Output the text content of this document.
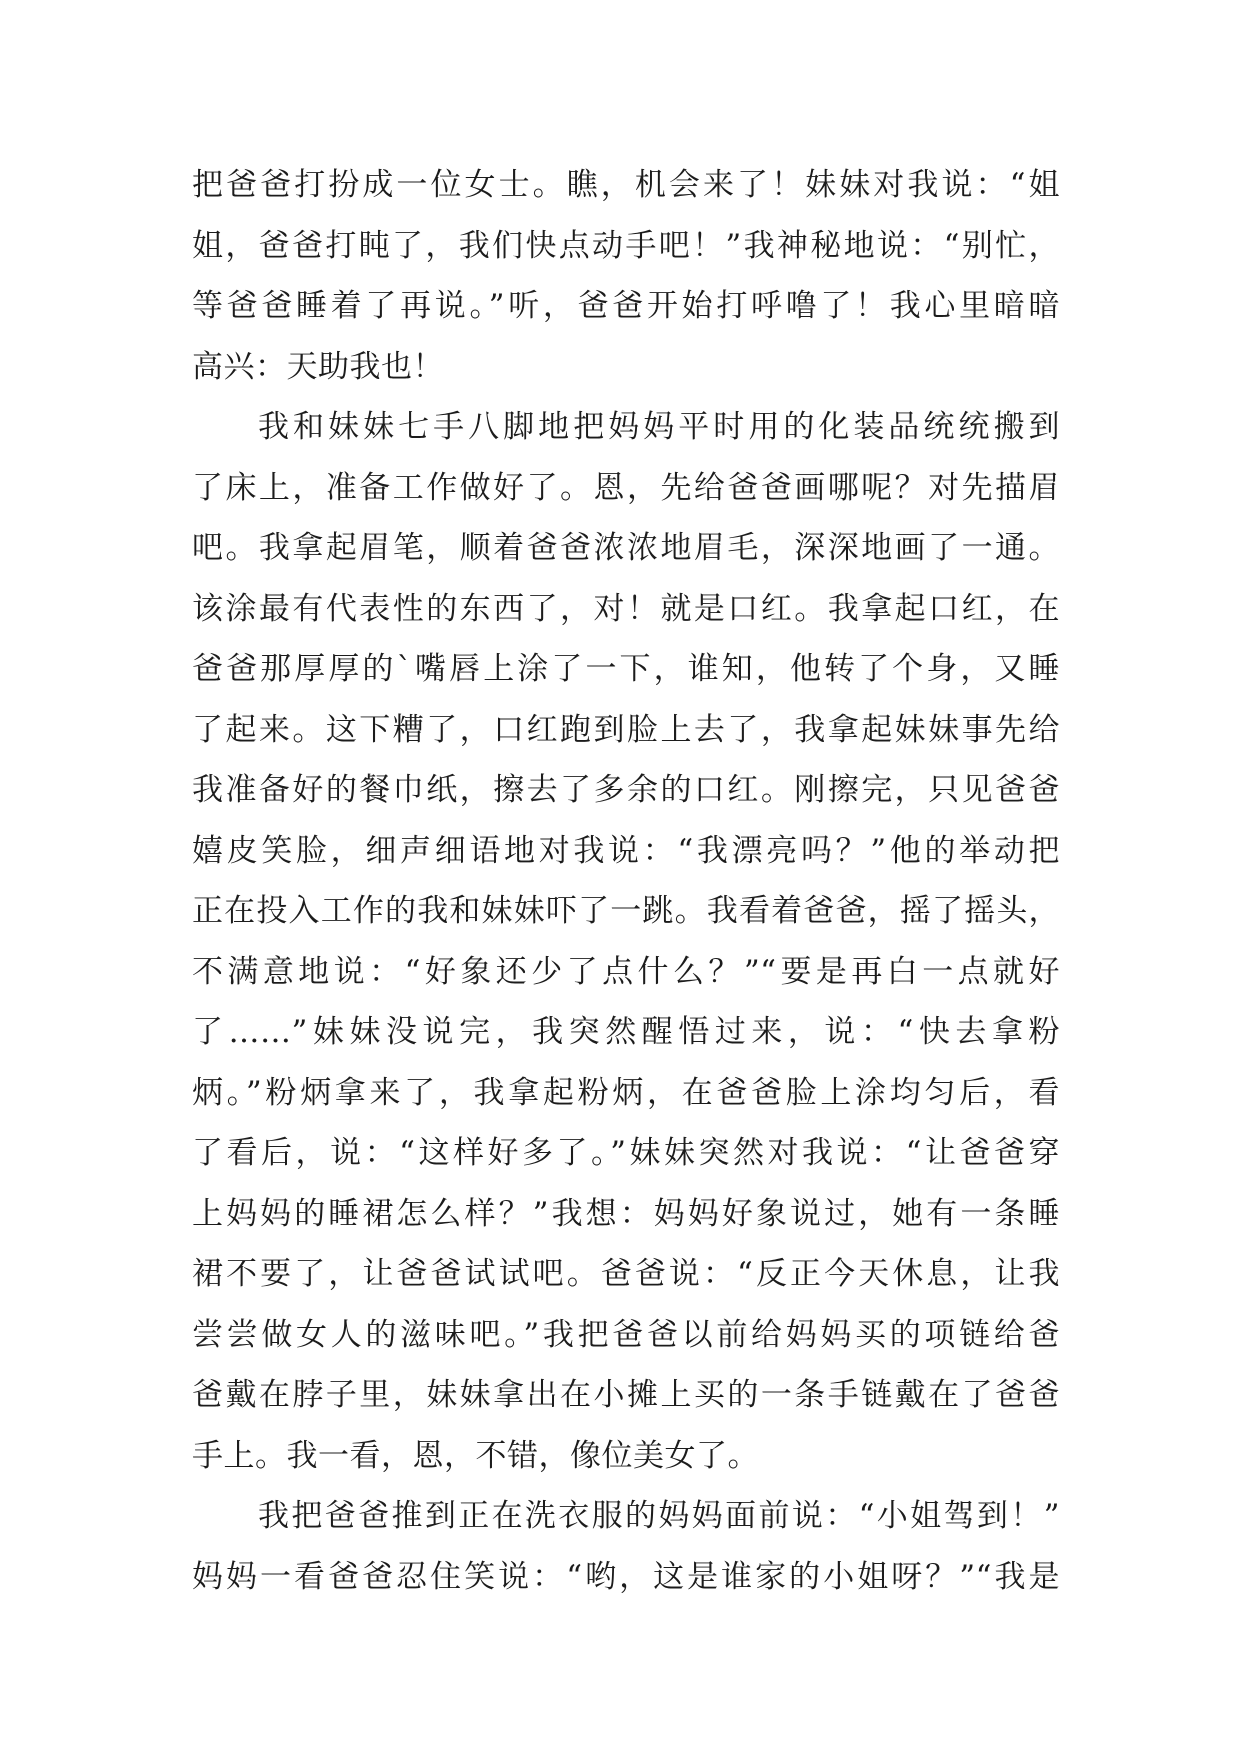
把爸爸打扮成一位女士。瞧，机会来了！妹妹对我说：“姐
姐，爸爸打盹了，我们快点动手吧！”我神秘地说：“别忙，
等爸爸睡着了再说。”听，爸爸开始打呼噜了！我心里暗暗
高兴：天助我也！
我和妹妹七手八脚地把妈妈平时用的化装品统统搬到
了床上，准备工作做好了。恩，先给爸爸画哪呢？对先描眉
吧。我拿起眉笔，顺着爸爸浓浓地眉毛，深深地画了一通。
该涂最有代表性的东西了，对！就是口红。我拿起口红，在
爸爸那厚厚的`嘴唇上涂了一下，谁知，他转了个身，又睡
了起来。这下糟了，口红跑到脸上去了，我拿起妹妹事先给
我准备好的餐巾纸，擦去了多余的口红。刚擦完，只见爸爸
嬉皮笑脸，细声细语地对我说：“我漂亮吗？”他的举动把
正在投入工作的我和妹妹吓了一跳。我看着爸爸，摇了摇头，
不满意地说：“好象还少了点什么？”“要是再白一点就好
了……”妹妹没说完，我突然醒悟过来，说：“快去拿粉
炳。”粉炳拿来了，我拿起粉炳，在爸爸脸上涂均匀后，看
了看后，说：“这样好多了。”妹妹突然对我说：“让爸爸穿
上妈妈的睡裙怎么样？”我想：妈妈好象说过，她有一条睡
裙不要了，让爸爸试试吧。爸爸说：“反正今天休息，让我
尝尝做女人的滋味吧。”我把爸爸以前给妈妈买的项链给爸
爸戴在脖子里，妹妹拿出在小摊上买的一条手链戴在了爸爸
手上。我一看，恩，不错，像位美女了。
我把爸爸推到正在洗衣服的妈妈面前说：“小姐驾到！”
妈妈一看爸爸忍住笑说：“哟，这是谁家的小姐呀？”“我是
